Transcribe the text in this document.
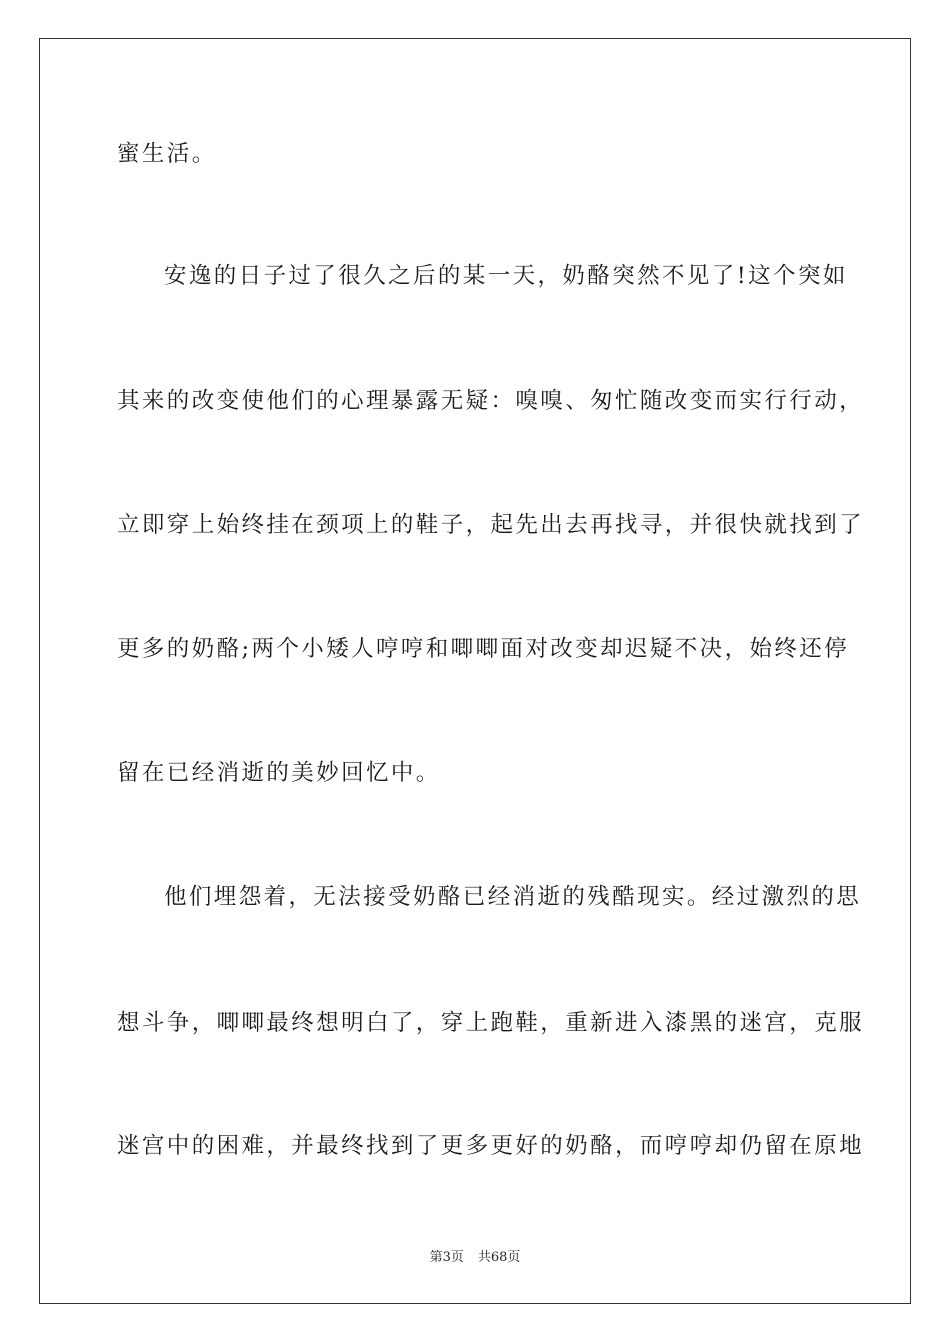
蜜生活。
安逸的日子过了很久之后的某一天，奶酪突然不见了!这个突如
其来的改变使他们的心理暴露无疑：嗅嗅、匆忙随改变而实行行动，
立即穿上始终挂在颈项上的鞋子，起先出去再找寻，并很快就找到了
更多的奶酪;两个小矮人哼哼和唧唧面对改变却迟疑不决，始终还停
留在已经消逝的美妙回忆中。
他们埋怨着，无法接受奶酪已经消逝的残酷现实。经过激烈的思
想斗争，唧唧最终想明白了，穿上跑鞋，重新进入漆黑的迷宫，克服
迷宫中的困难，并最终找到了更多更好的奶酪，而哼哼却仍留在原地
第3页 共68页
